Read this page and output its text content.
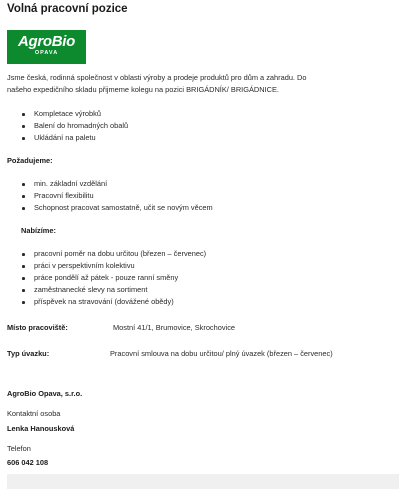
Volná pracovní pozice
AgroBio
OPAVA
Jsme česká, rodinná společnost v oblasti výroby a prodeje produktů pro dům a zahradu. Do
našeho expedičního skladu přijmeme kolegu na pozici BRIGÁDNÍK/ BRIGÁDNICE.
Kompletace výrobků
Balení do hromadných obalů
Ukládání na paletu
Požadujeme:
min. základní vzdělání
Pracovní flexibilitu
Schopnost pracovat samostatně, učit se novým věcem
Nabízíme:
pracovní poměr na dobu určitou (březen – červenec)
práci v perspektivním kolektivu
práce pondělí až pátek - pouze ranní směny
zaměstnanecké slevy na sortiment
příspěvek na stravování (dovážené obědy)
Místo pracoviště:	Mostní 41/1, Brumovice, Skrochovice
Typ úvazku:	Pracovní smlouva na dobu určitou/ plný úvazek (březen – červenec)
AgroBio Opava, s.r.o.
Kontaktní osoba
Lenka Hanousková
Telefon
606 042 108
